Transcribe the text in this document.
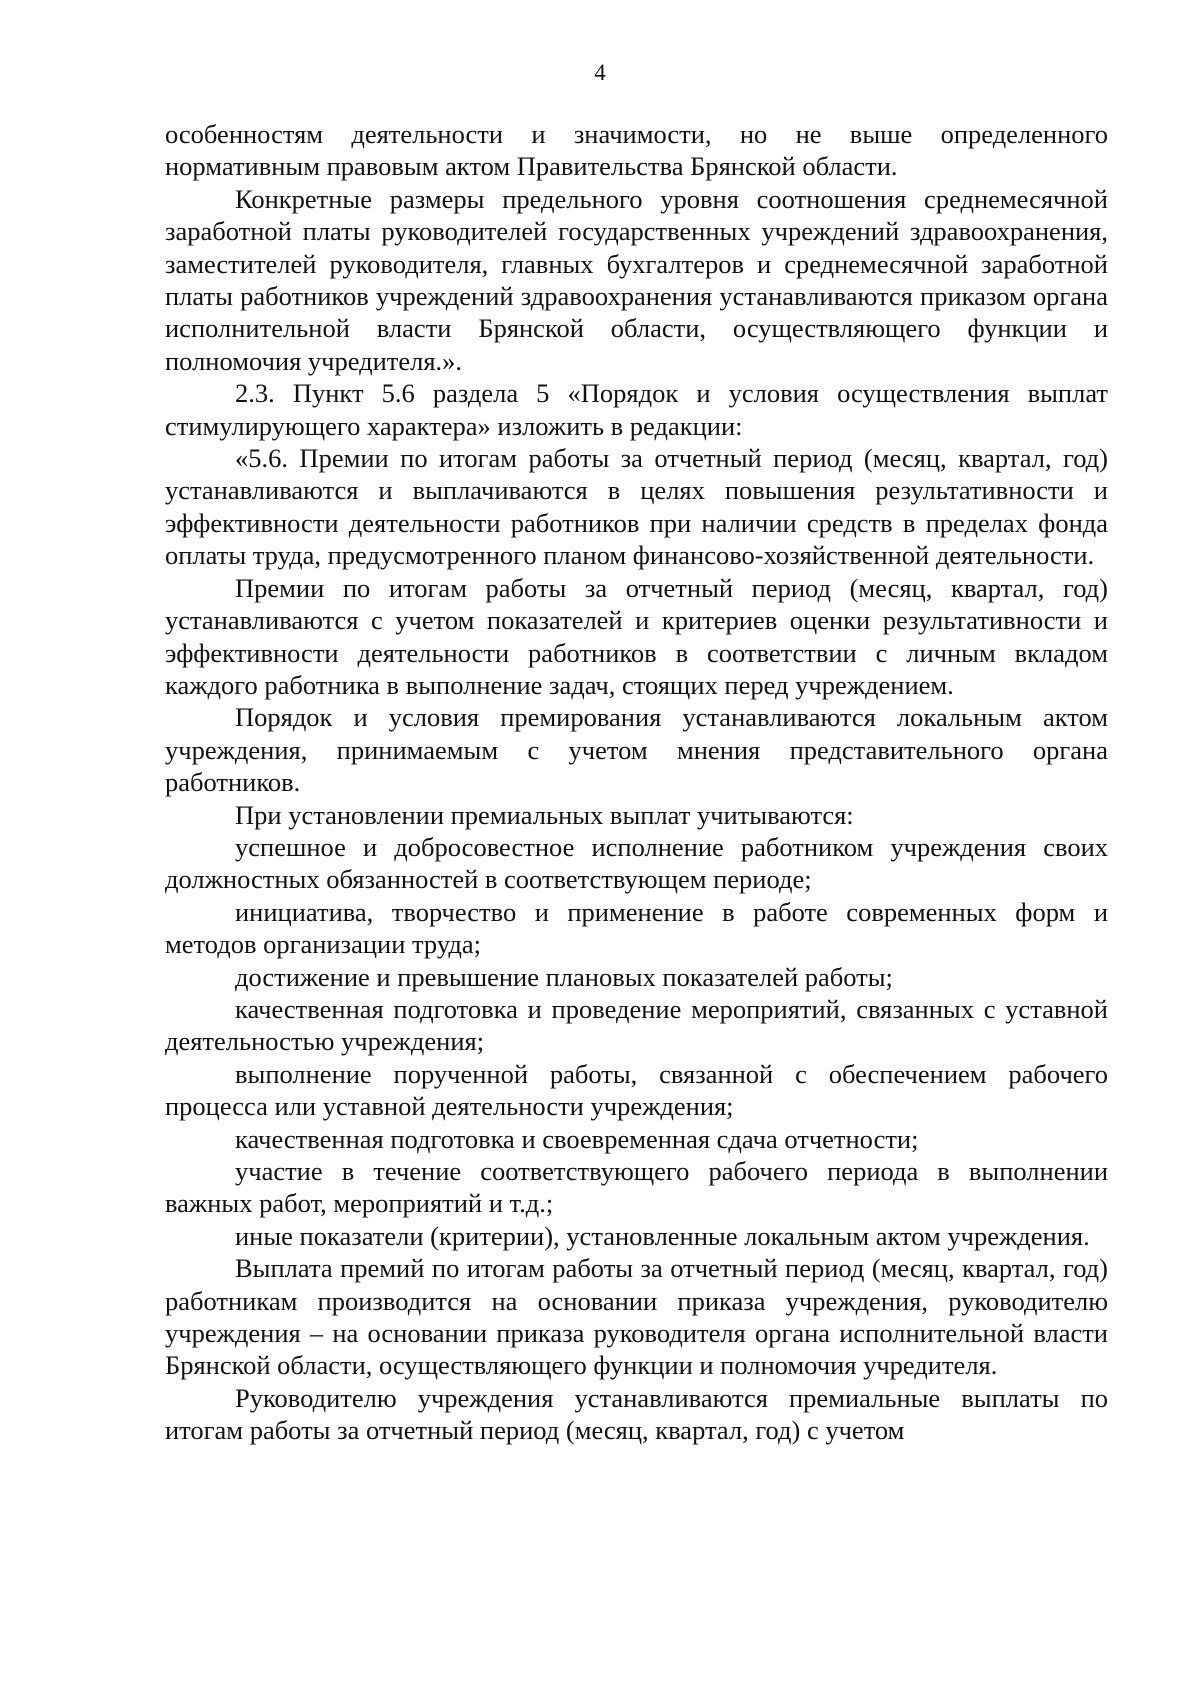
4

особенностям деятельности и значимости, но не выше определенного нормативным правовым актом Правительства Брянской области.

Конкретные размеры предельного уровня соотношения среднемесячной заработной платы руководителей государственных учреждений здравоохранения, заместителей руководителя, главных бухгалтеров и среднемесячной заработной платы работников учреждений здравоохранения устанавливаются приказом органа исполнительной власти Брянской области, осуществляющего функции и полномочия учредителя.».

2.3. Пункт 5.6 раздела 5 «Порядок и условия осуществления выплат стимулирующего характера» изложить в редакции:

«5.6. Премии по итогам работы за отчетный период (месяц, квартал, год) устанавливаются и выплачиваются в целях повышения результативности и эффективности деятельности работников при наличии средств в пределах фонда оплаты труда, предусмотренного планом финансово-хозяйственной деятельности.

Премии по итогам работы за отчетный период (месяц, квартал, год) устанавливаются с учетом показателей и критериев оценки результативности и эффективности деятельности работников в соответствии с личным вкладом каждого работника в выполнение задач, стоящих перед учреждением.

Порядок и условия премирования устанавливаются локальным актом учреждения, принимаемым с учетом мнения представительного органа работников.

При установлении премиальных выплат учитываются:

успешное и добросовестное исполнение работником учреждения своих должностных обязанностей в соответствующем периоде;

инициатива, творчество и применение в работе современных форм и методов организации труда;

достижение и превышение плановых показателей работы;

качественная подготовка и проведение мероприятий, связанных с уставной деятельностью учреждения;

выполнение порученной работы, связанной с обеспечением рабочего процесса или уставной деятельности учреждения;

качественная подготовка и своевременная сдача отчетности;

участие в течение соответствующего рабочего периода в выполнении важных работ, мероприятий и т.д.;

иные показатели (критерии), установленные локальным актом учреждения.

Выплата премий по итогам работы за отчетный период (месяц, квартал, год) работникам производится на основании приказа учреждения, руководителю учреждения – на основании приказа руководителя органа исполнительной власти Брянской области, осуществляющего функции и полномочия учредителя.

Руководителю учреждения устанавливаются премиальные выплаты по итогам работы за отчетный период (месяц, квартал, год) с учетом
